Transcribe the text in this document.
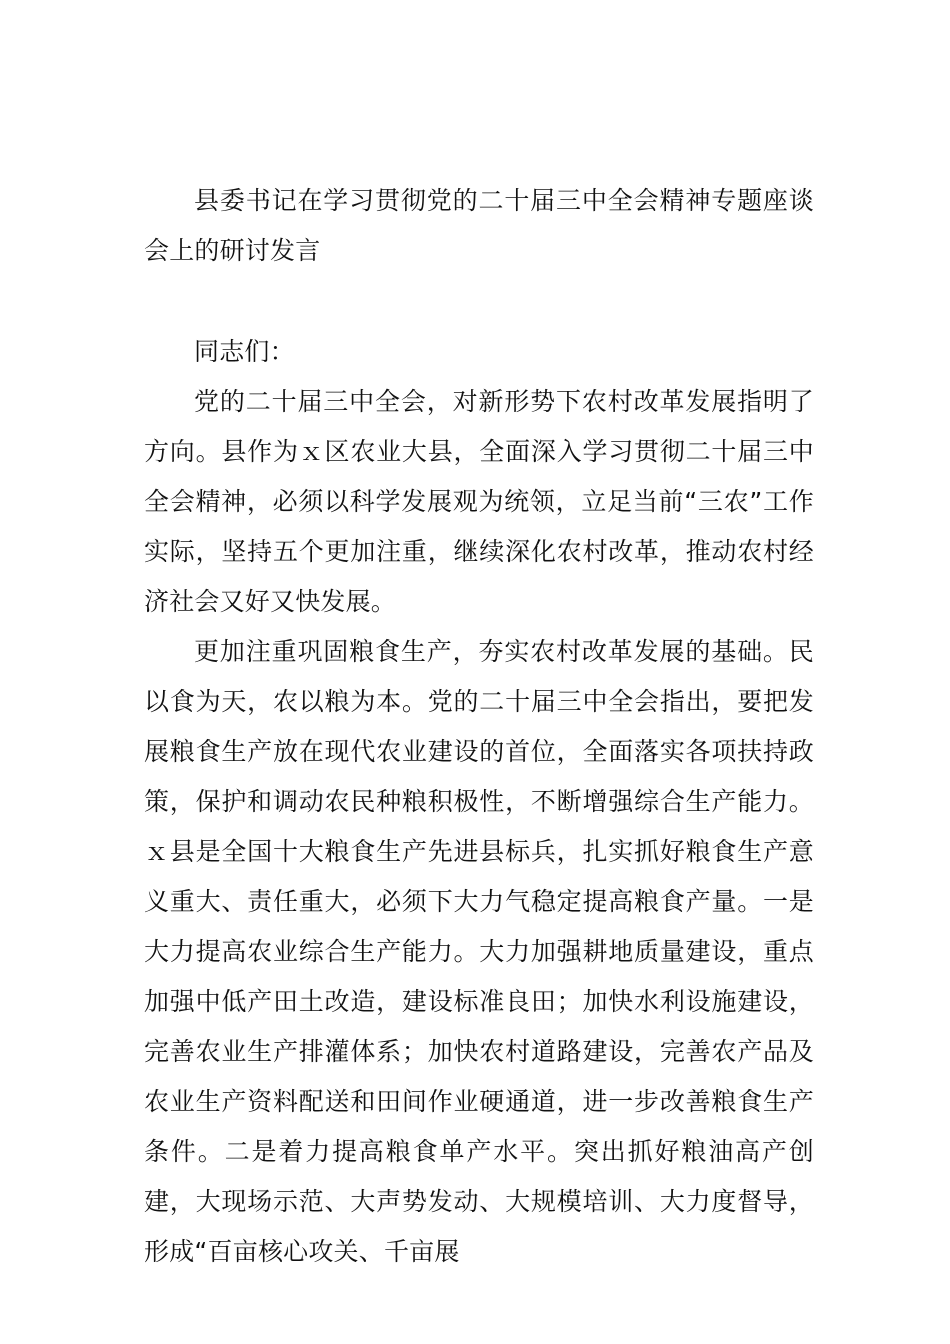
县委书记在学习贯彻党的二十届三中全会精神专题座谈会上的研讨发言

同志们：

党的二十届三中全会，对新形势下农村改革发展指明了方向。县作为ｘ区农业大县，全面深入学习贯彻二十届三中全会精神，必须以科学发展观为统领，立足当前“三农”工作实际，坚持五个更加注重，继续深化农村改革，推动农村经济社会又好又快发展。

更加注重巩固粮食生产，夯实农村改革发展的基础。民以食为天，农以粮为本。党的二十届三中全会指出，要把发展粮食生产放在现代农业建设的首位，全面落实各项扶持政策，保护和调动农民种粮积极性，不断增强综合生产能力。ｘ县是全国十大粮食生产先进县标兵，扎实抓好粮食生产意义重大、责任重大，必须下大力气稳定提高粮食产量。一是大力提高农业综合生产能力。大力加强耕地质量建设，重点加强中低产田土改造，建设标准良田；加快水利设施建设，完善农业生产排灌体系；加快农村道路建设，完善农产品及农业生产资料配送和田间作业硬通道，进一步改善粮食生产条件。二是着力提高粮食单产水平。突出抓好粮油高产创建，大现场示范、大声势发动、大规模培训、大力度督导，形成“百亩核心攻关、千亩展
